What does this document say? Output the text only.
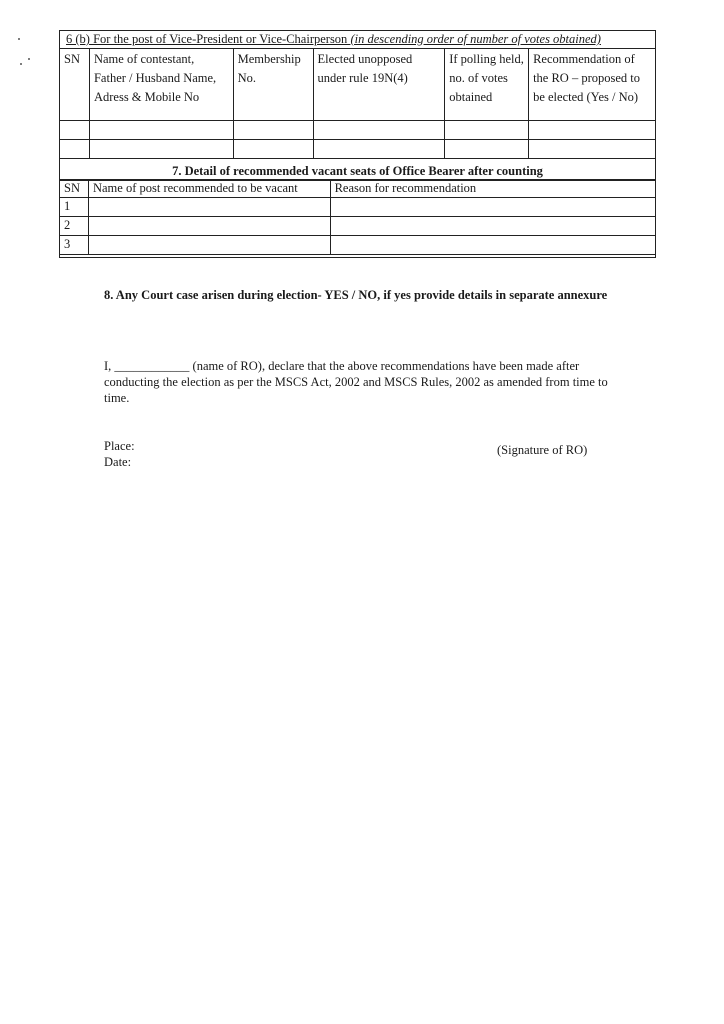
6 (b) For the post of Vice-President or Vice-Chairperson (in descending order of number of votes obtained)
SN	Name of contestant, Father / Husband Name, Adress & Mobile No	Membership No.	Elected unopposed under rule 19N(4)	If polling held, no. of votes obtained	Recommendation of the RO – proposed to be elected (Yes / No)

7. Detail of recommended vacant seats of Office Bearer after counting
SN	Name of post recommended to be vacant	Reason for recommendation
1		
2		
3		
8. Any Court case arisen during election- YES / NO, if yes provide details in separate annexure
I, ____________ (name of RO), declare that the above recommendations have been made after conducting the election as per the MSCS Act, 2002 and MSCS Rules, 2002 as amended from time to time.
Place:
Date:
(Signature of RO)
